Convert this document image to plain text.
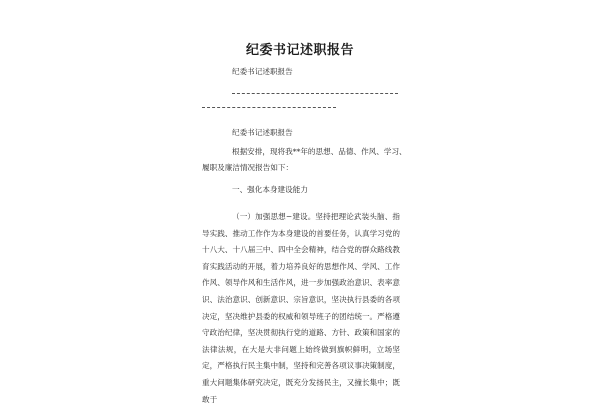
纪委书记述职报告
纪委书记述职报告
纪委书记述职报告
根据安排，现将我**年的思想、品德、作风、学习、
履职及廉洁情况报告如下：
一、强化本身建设能力
（一）加强思想−建设。坚持把理论武装头脑、指导实践、推动工作作为本身建设的首要任务，认真学习党的十八大、十八届三中、四中全会精神，结合党的群众路线教育实践活动的开展，着力培养良好的思想作风、学风、工作作风、领导作风和生活作风，进一步加强政治意识、表率意识、法治意识、创新意识、宗旨意识，坚决执行县委的各项决定，坚决维护县委的权威和领导班子的团结统一。严格遵守政治纪律，坚决贯彻执行党的道路、方针、政策和国家的法律法规，在大是大非问题上始终做到旗帜鲜明，立场坚定，严格执行民主集中制，坚持和完善各项议事决策制度，重大问题集体研究决定，既充分发扬民主，又撞长集中；既敢于
